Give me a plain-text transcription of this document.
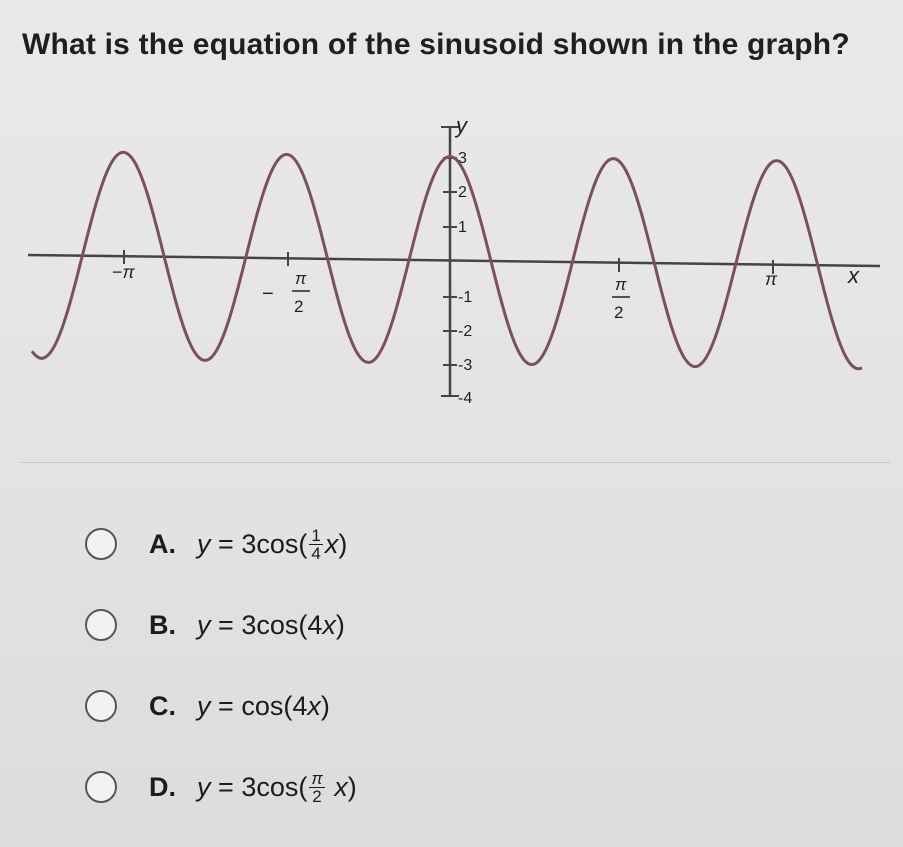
What is the equation of the sinusoid shown in the graph?
y
x
3
2
1
-1
-2
-3
-4
−π
−
π
2
π
2
π
A. y
=
$3\cos( \frac{1}{4}$ x )
B. y
=
3cos(4 x )
C. y
=
cos(4 x )
D. y
=
$3\cos( \frac{\pi}{2}$
x )
